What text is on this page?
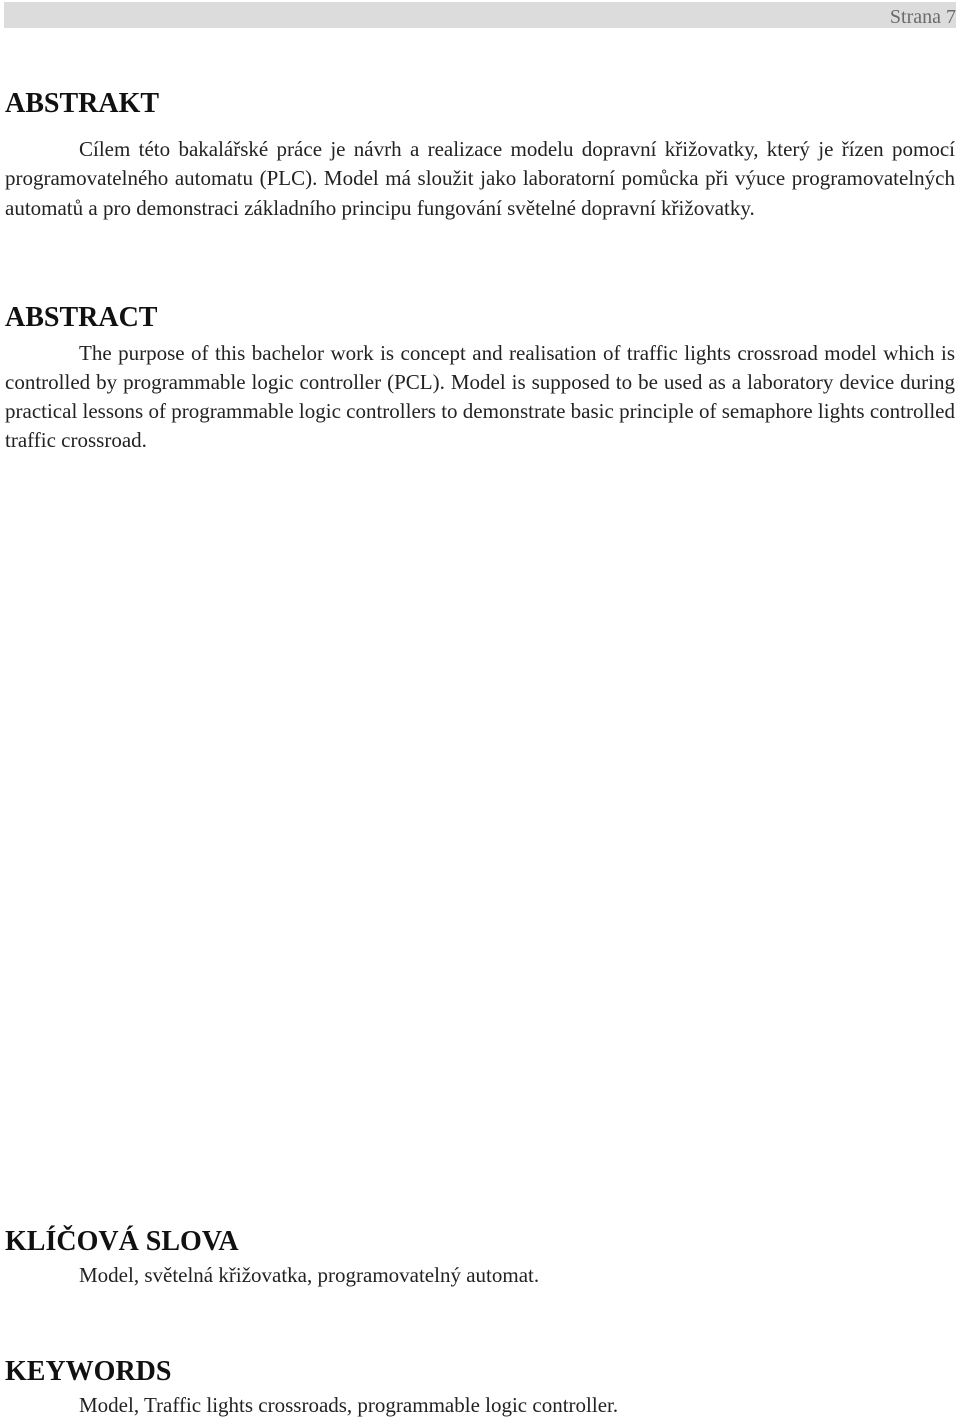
Strana 7
ABSTRAKT

Cílem této bakalářské práce je návrh a realizace modelu dopravní křižovatky, který je řízen pomocí programovatelného automatu (PLC). Model má sloužit jako laboratorní pomůcka při výuce programovatelných automatů a pro demonstraci základního principu fungování světelné dopravní křižovatky.

ABSTRACT

The purpose of this bachelor work is concept and realisation of traffic lights crossroad model which is controlled by programmable logic controller (PCL). Model is supposed to be used as a laboratory device during practical lessons of programmable logic controllers to demonstrate basic principle of semaphore lights controlled traffic crossroad.

KLÍČOVÁ SLOVA

Model, světelná křižovatka, programovatelný automat.

KEYWORDS

Model, Traffic lights crossroads, programmable logic controller.
